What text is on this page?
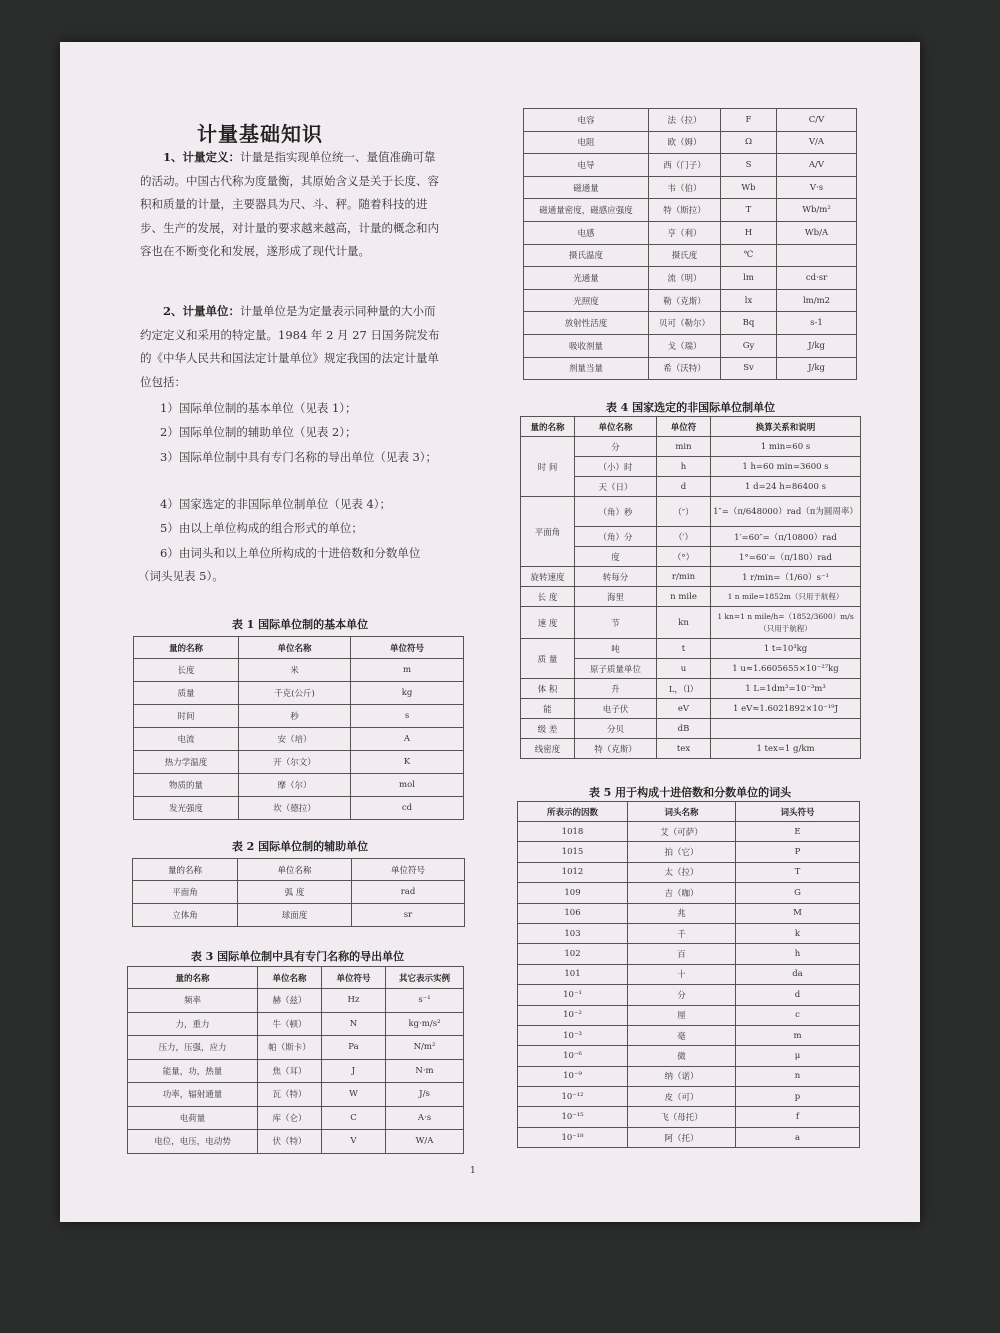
计量基础知识
  1、计量定义：计量是指实现单位统一、量值准确可靠的活动。中国古代称为度量衡，其原始含义是关于长度、容积和质量的计量，主要器具为尺、斗、秤。随着科技的进步、生产的发展，对计量的要求越来越高，计量的概念和内容也在不断变化和发展，遂形成了现代计量。
  2、计量单位：计量单位是为定量表示同种量的大小而约定定义和采用的特定量。1984 年 2 月 27 日国务院发布的《中华人民共和国法定计量单位》规定我国的法定计量单位包括：
1）国际单位制的基本单位（见表 1）；
2）国际单位制的辅助单位（见表 2）；
3）国际单位制中具有专门名称的导出单位（见表 3）；
4）国家选定的非国际单位制单位（见表 4）；
5）由以上单位构成的组合形式的单位；
6）由词头和以上单位所构成的十进倍数和分数单位（词头见表 5）。
表 1 国际单位制的基本单位
量的名称	单位名称	单位符号
长度	米	m
质量	千克(公斤)	kg
时间	秒	s
电流	安（培）	A
热力学温度	开（尔文）	K
物质的量	摩（尔）	mol
发光强度	坎（德拉）	cd
表 2 国际单位制的辅助单位
量的名称	单位名称	单位符号
平面角	弧 度	rad
立体角	球面度	sr
表 3 国际单位制中具有专门名称的导出单位
量的名称	单位名称	单位符号	其它表示实例
频率	赫（兹）	Hz	s⁻¹
力，重力	牛（顿）	N	kg·m/s²
压力，压强，应力	帕（斯卡）	Pa	N/m²
能量，功，热量	焦（耳）	J	N·m
功率，辐射通量	瓦（特）	W	J/s
电荷量	库（仑）	C	A·s
电位，电压，电动势	伏（特）	V	W/A
电容	法（拉）	F	C/V
电阻	欧（姆）	Ω	V/A
电导	西（门子）	S	A/V
磁通量	韦（伯）	Wb	V·s
磁通量密度，磁感应强度	特（斯拉）	T	Wb/m²
电感	亨（利）	H	Wb/A
摄氏温度	摄氏度	℃	
光通量	流（明）	lm	cd·sr
光照度	勒（克斯）	lx	lm/m2
放射性活度	贝可（勒尔）	Bq	s-1
吸收剂量	戈（瑞）	Gy	J/kg
剂量当量	希（沃特）	Sv	J/kg
表 4 国家选定的非国际单位制单位
量的名称	单位名称	单位符	换算关系和说明
时 间	分	min	1 min=60 s
	（小）时	h	1 h=60 min=3600 s
	天（日）	d	1 d=24 h=86400 s
平面角	（角）秒	（″）	1″=（π/648000）rad（π为圆周率）
	（角）分	（′）	1′=60″=（π/10800）rad
	度	（°）	1°=60′=（π/180）rad
旋转速度	转每分	r/min	1 r/min=（1/60）s⁻¹
长 度	海里	n mile	1 n mile=1852m（只用于航程）
速 度	节	kn	1 kn=1 n mile/h=（1852/3600）m/s（只用于航程）
质 量	吨	t	1 t=10³kg
	原子质量单位	u	1 u≈1.6605655×10⁻²⁷kg
体 积	升	L，（l）	1 L=1dm³=10⁻³m³
能	电子伏	eV	1 eV≈1.6021892×10⁻¹⁹J
级 差	分贝	dB	
线密度	特（克斯）	tex	1 tex=1 g/km
表 5 用于构成十进倍数和分数单位的词头
所表示的因数	词头名称	词头符号
1018	艾（可萨）	E
1015	拍（它）	P
1012	太（拉）	T
109	吉（咖）	G
106	兆	M
103	千	k
102	百	h
101	十	da
10⁻¹	分	d
10⁻²	厘	c
10⁻³	毫	m
10⁻⁶	微	μ
10⁻⁹	纳（诺）	n
10⁻¹²	皮（可）	p
10⁻¹⁵	飞（母托）	f
10⁻¹⁸	阿（托）	a
1
